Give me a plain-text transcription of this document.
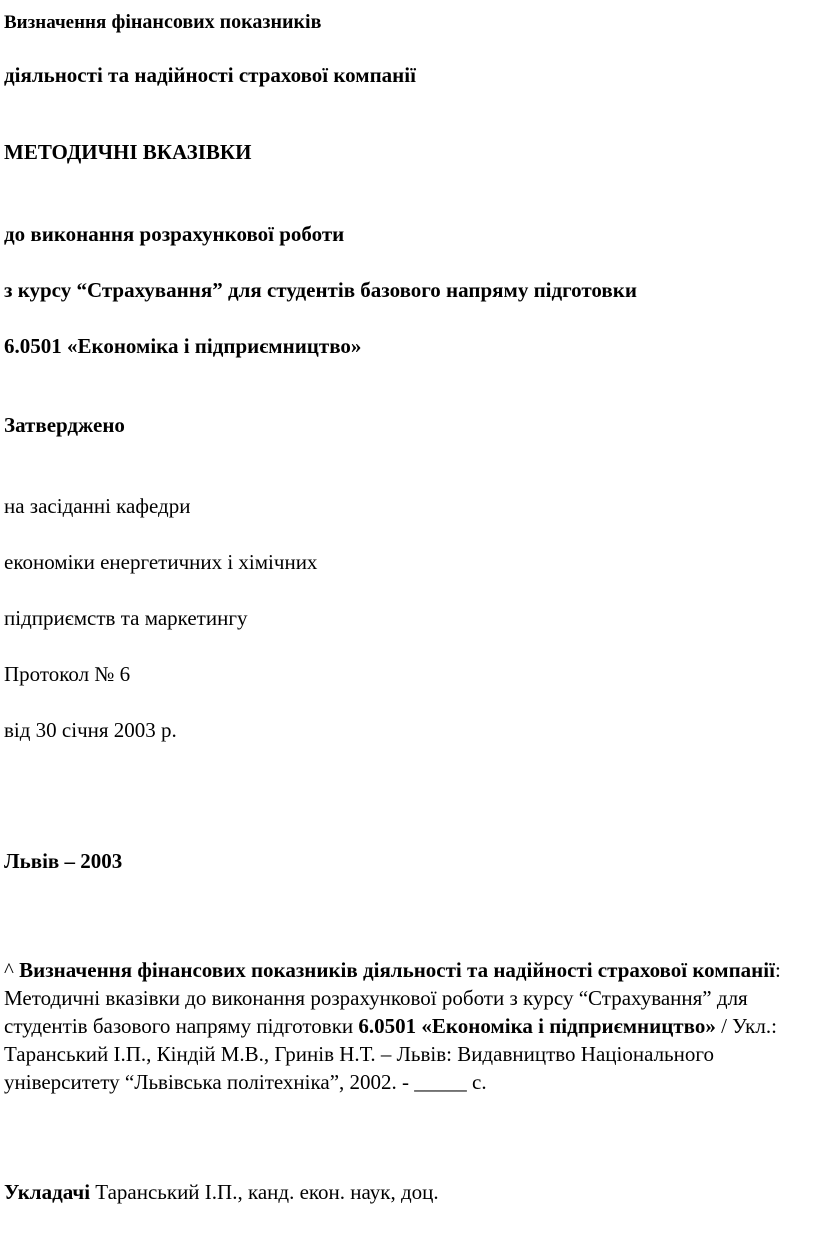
Визначення фінансових показників
діяльності та надійності страхової компанії
МЕТОДИЧНІ ВКАЗІВКИ
до виконання розрахункової роботи
з курсу “Страхування” для студентів базового напряму підготовки
6.0501 «Економіка і підприємництво»
Затверджено
на засіданні кафедри
економіки енергетичних і хімічних
підприємств та маркетингу
Протокол № 6
від 30 січня 2003 р.
Львів – 2003
^ Визначення фінансових показників діяльності та надійності страхової компанії: Методичні вказівки до виконання розрахункової роботи з курсу “Страхування” для студентів базового напряму підготовки 6.0501 «Економіка і підприємництво» / Укл.: Таранський І.П., Кіндій М.В., Гринів Н.Т. – Львів: Видавництво Національного університету “Львівська політехніка”, 2002. - _____ с.
Укладачі Таранський І.П., канд. екон. наук, доц.
